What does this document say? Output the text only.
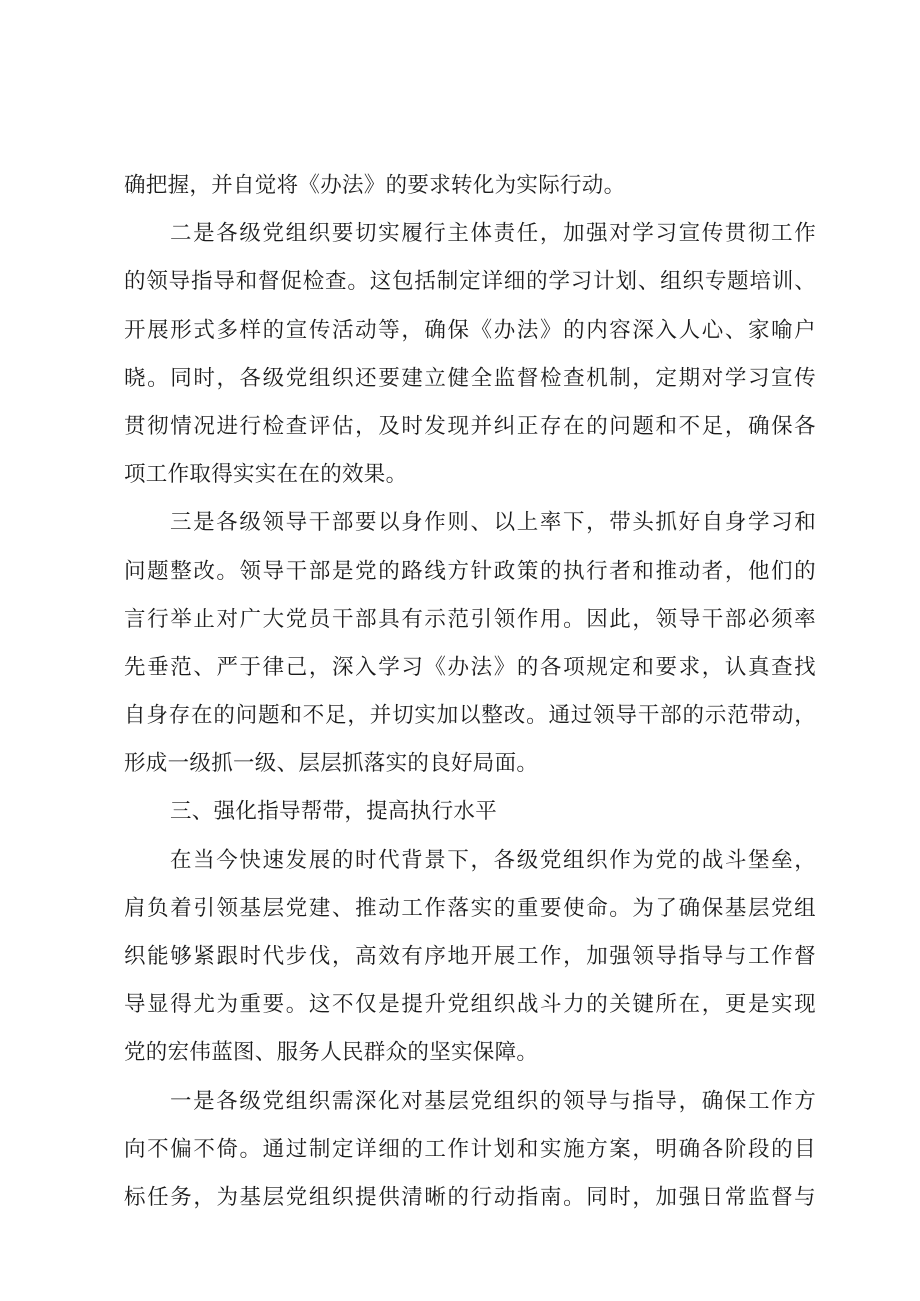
确把握，并自觉将《办法》的要求转化为实际行动。
二是各级党组织要切实履行主体责任，加强对学习宣传贯彻工作
的领导指导和督促检查。这包括制定详细的学习计划、组织专题培训、
开展形式多样的宣传活动等，确保《办法》的内容深入人心、家喻户
晓。同时，各级党组织还要建立健全监督检查机制，定期对学习宣传
贯彻情况进行检查评估，及时发现并纠正存在的问题和不足，确保各
项工作取得实实在在的效果。
三是各级领导干部要以身作则、以上率下，带头抓好自身学习和
问题整改。领导干部是党的路线方针政策的执行者和推动者，他们的
言行举止对广大党员干部具有示范引领作用。因此，领导干部必须率
先垂范、严于律己，深入学习《办法》的各项规定和要求，认真查找
自身存在的问题和不足，并切实加以整改。通过领导干部的示范带动，
形成一级抓一级、层层抓落实的良好局面。
三、强化指导帮带，提高执行水平
在当今快速发展的时代背景下，各级党组织作为党的战斗堡垒，
肩负着引领基层党建、推动工作落实的重要使命。为了确保基层党组
织能够紧跟时代步伐，高效有序地开展工作，加强领导指导与工作督
导显得尤为重要。这不仅是提升党组织战斗力的关键所在，更是实现
党的宏伟蓝图、服务人民群众的坚实保障。
一是各级党组织需深化对基层党组织的领导与指导，确保工作方
向不偏不倚。通过制定详细的工作计划和实施方案，明确各阶段的目
标任务，为基层党组织提供清晰的行动指南。同时，加强日常监督与
